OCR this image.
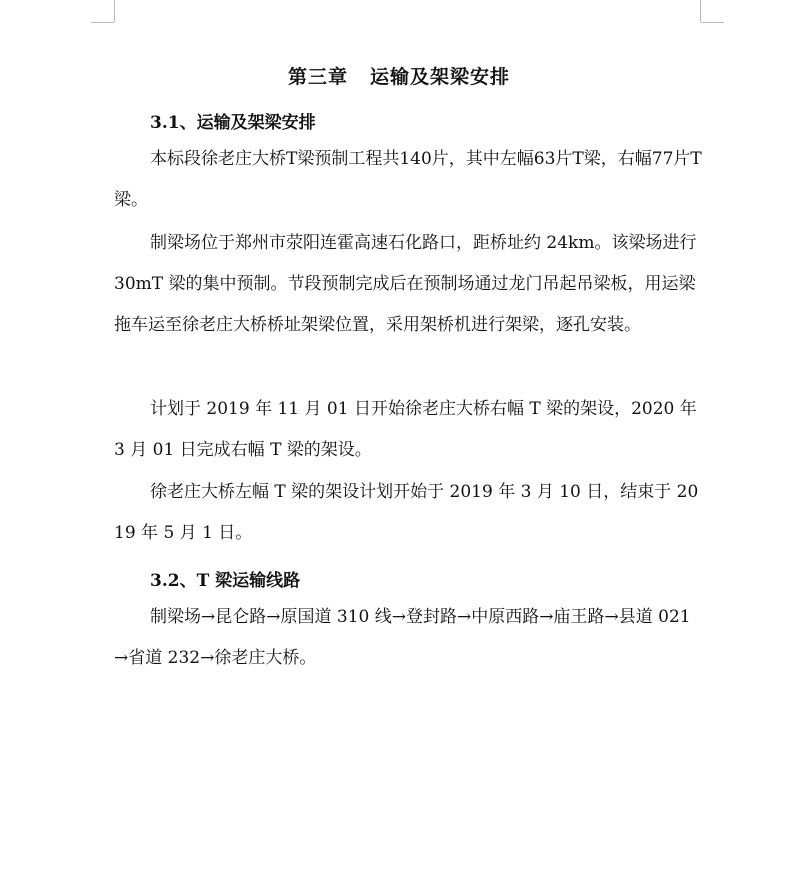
第三章 运输及架梁安排
3.1、运输及架梁安排
本标段徐老庄大桥T梁预制工程共140片，其中左幅63片T梁，右幅77片T梁。
制梁场位于郑州市荥阳连霍高速石化路口，距桥址约 24km。该梁场进行 30mT 梁的集中预制。节段预制完成后在预制场通过龙门吊起吊梁板，用运梁拖车运至徐老庄大桥桥址架梁位置，采用架桥机进行架梁，逐孔安装。
计划于 2019 年 11 月 01 日开始徐老庄大桥右幅 T 梁的架设，2020 年 3 月 01 日完成右幅 T 梁的架设。
徐老庄大桥左幅 T 梁的架设计划开始于 2019 年 3 月 10 日，结束于 2019 年 5 月 1 日。
3.2、T 梁运输线路
制梁场→昆仑路→原国道 310 线→登封路→中原西路→庙王路→县道 021→省道 232→徐老庄大桥。
